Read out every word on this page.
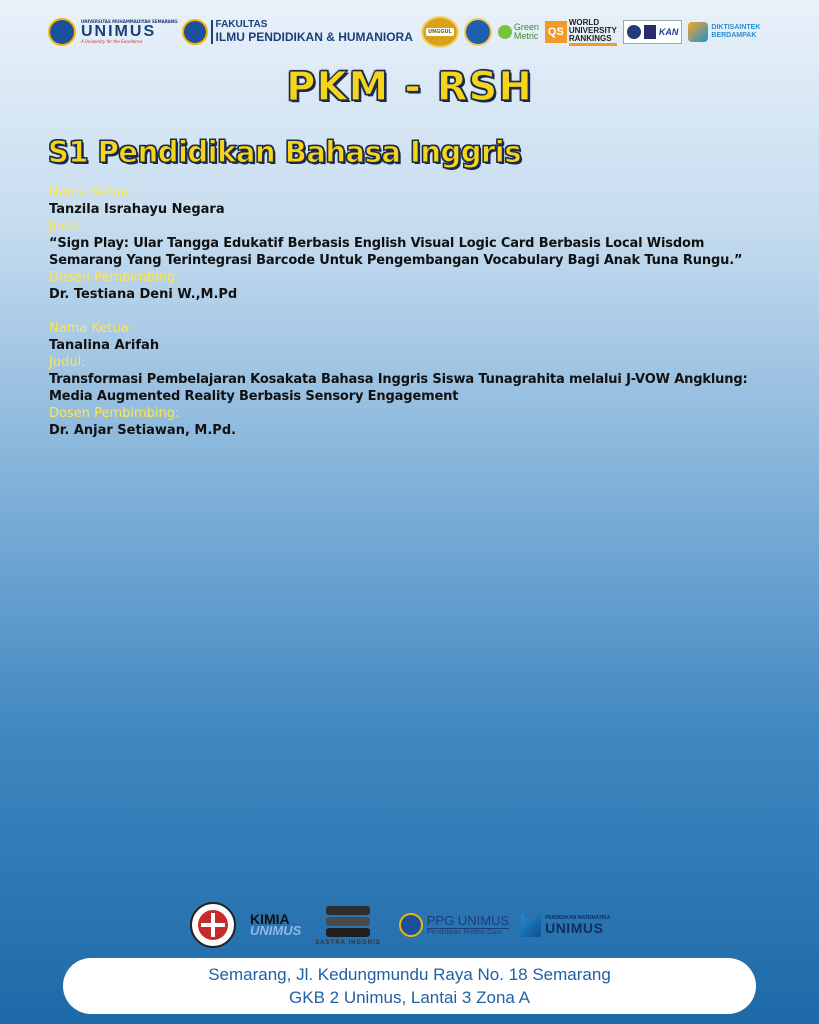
UNIVERSITAS MUHAMMADIYAH SEMARANG
UNIMUS
A University for the Excellence
FAKULTAS
ILMU PENDIDIKAN & HUMANIORA	UNGGUL	Green
Metric QS
WORLD
UNIVERSITY
RANKINGS
KAN	DIKTISAINTEK
BERDAMPAK
PKM - RSH
S1 Pendidikan Bahasa Inggris
Nama Ketua:
Tanzila Israhayu Negara
Judul:
“Sign Play: Ular Tangga Edukatif Berbasis English Visual Logic Card Berbasis Local Wisdom Semarang Yang Terintegrasi Barcode Untuk Pengembangan Vocabulary Bagi Anak Tuna Rungu.”
Dosen Pembimbing:
Dr. Testiana Deni W.,M.Pd
Nama Ketua:
Tanalina Arifah
Judul:
Transformasi Pembelajaran Kosakata Bahasa Inggris Siswa Tunagrahita melalui J-VOW Angklung: Media Augmented Reality Berbasis Sensory Engagement
Dosen Pembimbing:
Dr. Anjar Setiawan, M.Pd.
KIMIA
UNIMUS
SASTRA INGGRIS
PPG UNIMUS
Pendidikan Profesi Guru
PENDIDIKAN MATEMATIKA
UNIMUS
Semarang, Jl. Kedungmundu Raya No. 18 Semarang
GKB 2 Unimus, Lantai 3 Zona A
